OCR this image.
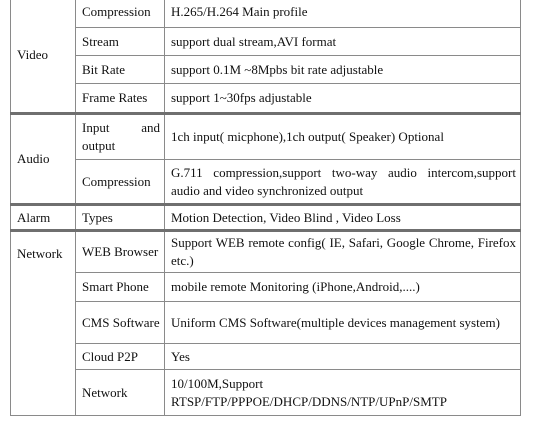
Video	Compression	H.265/H.264 Main profile
	Stream	support dual stream,AVI format
	Bit Rate	support 0.1M ~8Mpbs bit rate adjustable
	Frame Rates	support 1~30fps adjustable
Audio	Input and output	1ch input( micphone),1ch output( Speaker) Optional
	Compression	G.711 compression,support two-way audio intercom,support audio and video synchronized output
Alarm	Types	Motion Detection, Video Blind , Video Loss
Network	WEB Browser	Support WEB remote config( IE, Safari, Google Chrome, Firefox etc.)
	Smart Phone	mobile remote Monitoring (iPhone,Android,....)
	CMS Software	Uniform CMS Software(multiple devices management system)
	Cloud P2P	Yes
	Network	10/100M,Support RTSP/FTP/PPPOE/DHCP/DDNS/NTP/UPnP/SMTP
